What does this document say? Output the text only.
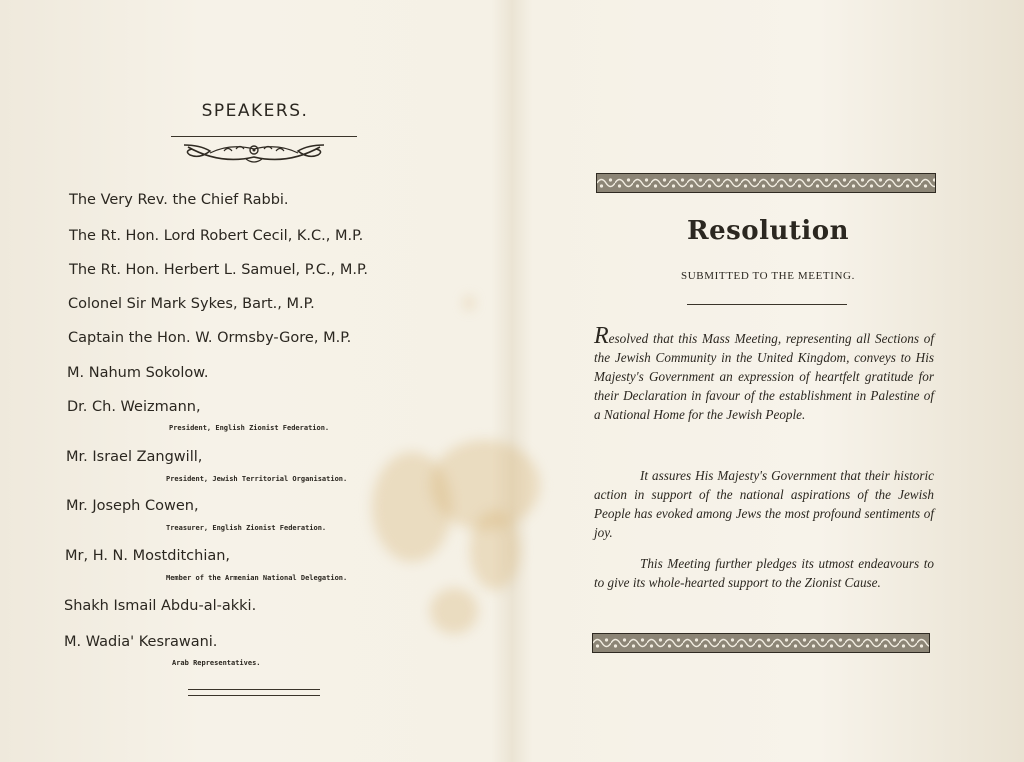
SPEAKERS.
The Very Rev. the Chief Rabbi.
The Rt. Hon. Lord Robert Cecil, K.C., M.P.
The Rt. Hon. Herbert L. Samuel, P.C., M.P.
Colonel Sir Mark Sykes, Bart., M.P.
Captain the Hon. W. Ormsby-Gore, M.P.
M. Nahum Sokolow.
Dr. Ch. Weizmann,
President, English Zionist Federation.
Mr. Israel Zangwill,
President, Jewish Territorial Organisation.
Mr. Joseph Cowen,
Treasurer, English Zionist Federation.
Mr, H. N. Mostditchian,
Member of the Armenian National Delegation.
Shakh Ismail Abdu-al-akki.
M. Wadia' Kesrawani.
Arab Representatives.
Resolution
SUBMITTED TO THE MEETING.

Resolved that this Mass Meeting, representing all Sections of the Jewish Community in the United Kingdom, conveys to His Majesty's Government an expression of heartfelt gratitude for their Declaration in favour of the establishment in Palestine of a National Home for the Jewish People.

It assures His Majesty's Government that their historic action in support of the national aspirations of the Jewish People has evoked among Jews the most profound sentiments of joy.

This Meeting further pledges its utmost endeavours to to give its whole-hearted support to the Zionist Cause.
